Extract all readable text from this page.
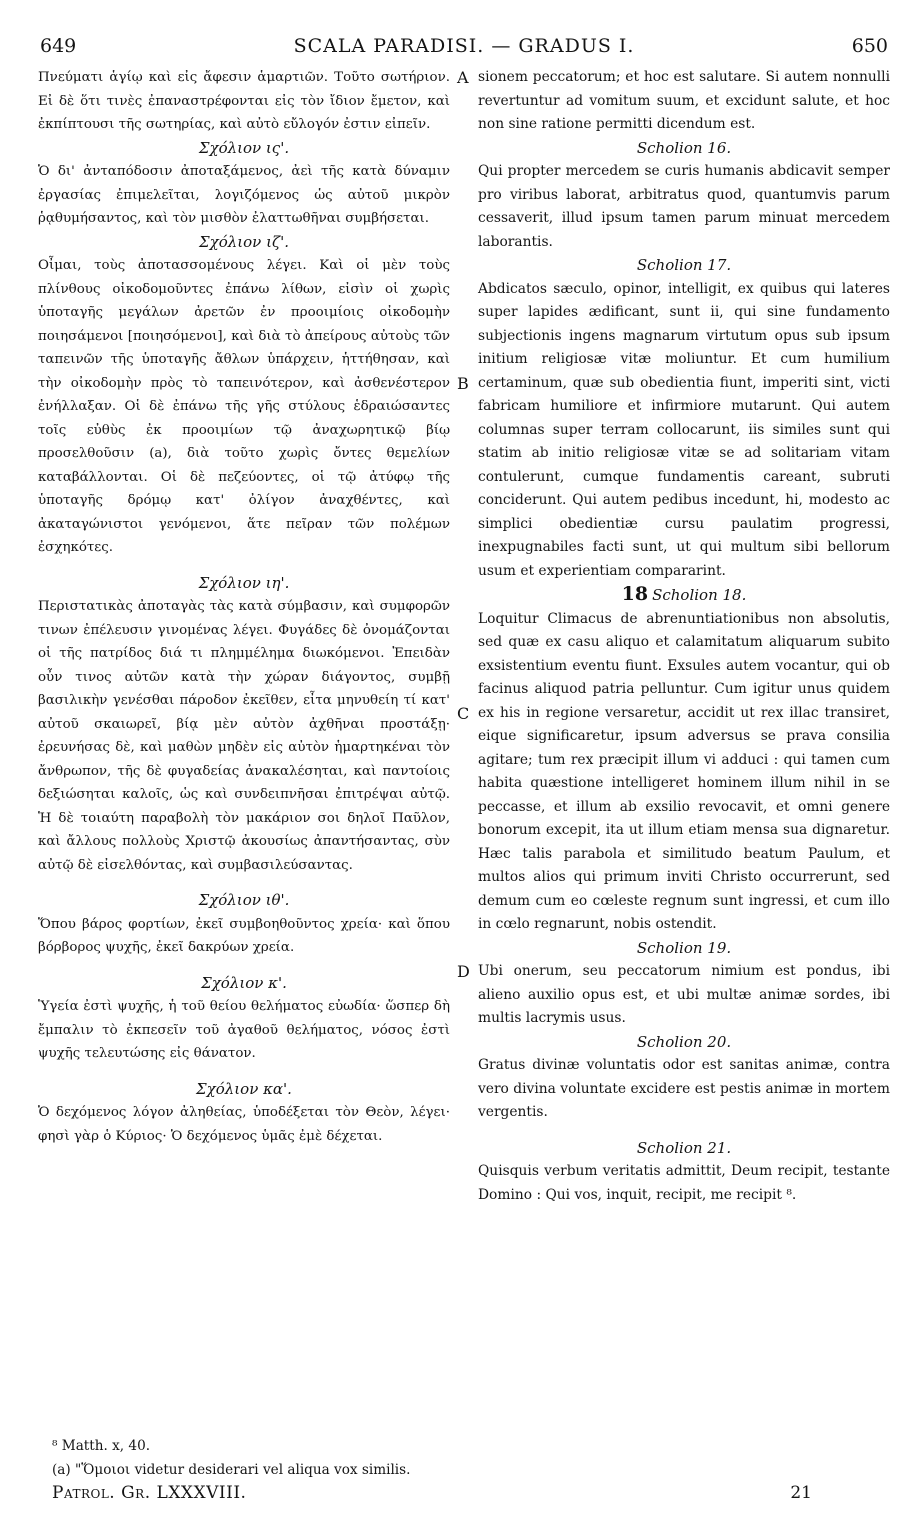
649	SCALA PARADISI. — GRADUS I.	650

Πνεύματι ἁγίῳ καὶ εἰς ἄφεσιν ἁμαρτιῶν. Τοῦτο σωτήριον. Εἰ δὲ ὅτι τινὲς ἐπαναστρέφονται εἰς τὸν ἴδιον ἔμετον, καὶ ἐκπίπτουσι τῆς σωτηρίας, καὶ αὐτὸ εὔλογόν ἐστιν εἰπεῖν.

Σχόλιον ις'.

Ὁ δι' ἀνταπόδοσιν ἀποταξάμενος, ἀεὶ τῆς κατὰ δύναμιν ἐργασίας ἐπιμελεῖται, λογιζόμενος ὡς αὐτοῦ μικρὸν ῥᾳθυμήσαντος, καὶ τὸν μισθὸν ἐλαττωθῆναι συμβήσεται.

Σχόλιον ιζ'.

Οἶμαι, τοὺς ἀποτασσομένους λέγει. Καὶ οἱ μὲν τοὺς πλίνθους οἰκοδομοῦντες ἐπάνω λίθων, εἰσὶν οἱ χωρὶς ὑποταγῆς μεγάλων ἀρετῶν ἐν προοιμίοις οἰκοδομὴν ποιησάμενοι [ποιησόμενοι], καὶ διὰ τὸ ἀπείρους αὐτοὺς τῶν ταπεινῶν τῆς ὑποταγῆς ἄθλων ὑπάρχειν, ἡττήθησαν, καὶ τὴν οἰκοδομὴν πρὸς τὸ ταπεινότερον, καὶ ἀσθενέστερον ἐνήλλαξαν. Οἱ δὲ ἐπάνω τῆς γῆς στύλους ἑδραιώσαντες τοῖς εὐθὺς ἐκ προοιμίων τῷ ἀναχωρητικῷ βίῳ προσελθοῦσιν (a), διὰ τοῦτο χωρὶς ὄντες θεμελίων καταβάλλονται. Οἱ δὲ πεζεύοντες, οἱ τῷ ἀτύφῳ τῆς ὑποταγῆς δρόμῳ κατ' ὀλίγον ἀναχθέντες, καὶ ἀκαταγώνιστοι γενόμενοι, ἅτε πεῖραν τῶν πολέμων ἐσχηκότες.

Σχόλιον ιη'.

Περιστατικὰς ἀποταγὰς τὰς κατὰ σύμβασιν, καὶ συμφορῶν τινων ἐπέλευσιν γινομένας λέγει. Φυγάδες δὲ ὀνομάζονται οἱ τῆς πατρίδος διά τι πλημμέλημα διωκόμενοι. Ἐπειδὰν οὖν τινος αὐτῶν κατὰ τὴν χώραν διάγοντος, συμβῇ βασιλικὴν γενέσθαι πάροδον ἐκεῖθεν, εἶτα μηνυθείη τί κατ' αὐτοῦ σκαιωρεῖ, βίᾳ μὲν αὐτὸν ἀχθῆναι προστάξῃ· ἐρευνήσας δὲ, καὶ μαθὼν μηδὲν εἰς αὐτὸν ἡμαρτηκέναι τὸν ἄνθρωπον, τῆς δὲ φυγαδείας ἀνακαλέσηται, καὶ παντοίοις δεξιώσηται καλοῖς, ὡς καὶ συνδειπνῆσαι ἐπιτρέψαι αὐτῷ. Ἡ δὲ τοιαύτη παραβολὴ τὸν μακάριον σοι δηλοῖ Παῦλον, καὶ ἄλλους πολλοὺς Χριστῷ ἀκουσίως ἀπαντήσαντας, σὺν αὐτῷ δὲ εἰσελθόντας, καὶ συμβασιλεύσαντας.

Σχόλιον ιθ'.

Ὅπου βάρος φορτίων, ἐκεῖ συμβοηθοῦντος χρεία· καὶ ὅπου βόρβορος ψυχῆς, ἐκεῖ δακρύων χρεία.

Σχόλιον κ'.

Ὑγεία ἐστὶ ψυχῆς, ἡ τοῦ θείου θελήματος εὐωδία· ὥσπερ δὴ ἔμπαλιν τὸ ἐκπεσεῖν τοῦ ἀγαθοῦ θελήματος, νόσος ἐστὶ ψυχῆς τελευτώσης εἰς θάνατον.

Σχόλιον κα'.

Ὁ δεχόμενος λόγον ἀληθείας, ὑποδέξεται τὸν Θεὸν, λέγει· φησὶ γὰρ ὁ Κύριος· Ὁ δεχόμενος ὑμᾶς ἐμὲ δέχεται.

A sionem peccatorum; et hoc est salutare. Si autem nonnulli revertuntur ad vomitum suum, et excidunt salute, et hoc non sine ratione permitti dicendum est.

Scholion 16.

Qui propter mercedem se curis humanis abdicavit semper pro viribus laborat, arbitratus quod, quantumvis parum cessaverit, illud ipsum tamen parum minuat mercedem laborantis.

Scholion 17.
B

Abdicatos sæculo, opinor, intelligit, ex quibus qui lateres super lapides ædificant, sunt ii, qui sine fundamento subjectionis ingens magnarum virtutum opus sub ipsum initium religiosæ vitæ moliuntur. Et cum humilium certaminum, quæ sub obedientia fiunt, imperiti sint, victi fabricam humiliore et infirmiore mutarunt. Qui autem columnas super terram collocarunt, iis similes sunt qui statim ab initio religiosæ vitæ se ad solitariam vitam contulerunt, cumque fundamentis careant, subruti conciderunt. Qui autem pedibus incedunt, hi, modesto ac simplici obedientiæ cursu paulatim progressi, inexpugnabiles facti sunt, ut qui multum sibi bellorum usum et experientiam compararint.

18 Scholion 18.
C

Loquitur Climacus de abrenuntiationibus non absolutis, sed quæ ex casu aliquo et calamitatum aliquarum subito exsistentium eventu fiunt. Exsules autem vocantur, qui ob facinus aliquod patria pelluntur. Cum igitur unus quidem ex his in regione versaretur, accidit ut rex illac transiret, eique significaretur, ipsum adversus se prava consilia agitare; tum rex præcipit illum vi adduci : qui tamen cum habita quæstione intelligeret hominem illum nihil in se peccasse, et illum ab exsilio revocavit, et omni genere bonorum excepit, ita ut illum etiam mensa sua dignaretur. Hæc talis parabola et similitudo beatum Paulum, et multos alios qui primum inviti Christo occurrerunt, sed demum cum eo cœleste regnum sunt ingressi, et cum illo in cœlo regnarunt, nobis ostendit.

Scholion 19.
D Ubi onerum, seu peccatorum nimium est pondus, ibi alieno auxilio opus est, et ubi multæ animæ sordes, ibi multis lacrymis usus.

Scholion 20.

Gratus divinæ voluntatis odor est sanitas animæ, contra vero divina voluntate excidere est pestis animæ in mortem vergentis.

Scholion 21.

Quisquis verbum veritatis admittit, Deum recipit, testante Domino : Qui vos, inquit, recipit, me recipit ⁸.

⁸ Matth. x, 40.

(a) "Ὅμοιοι videtur desiderari vel aliqua vox similis.

Patrol. Gr. LXXXVIII.	21
